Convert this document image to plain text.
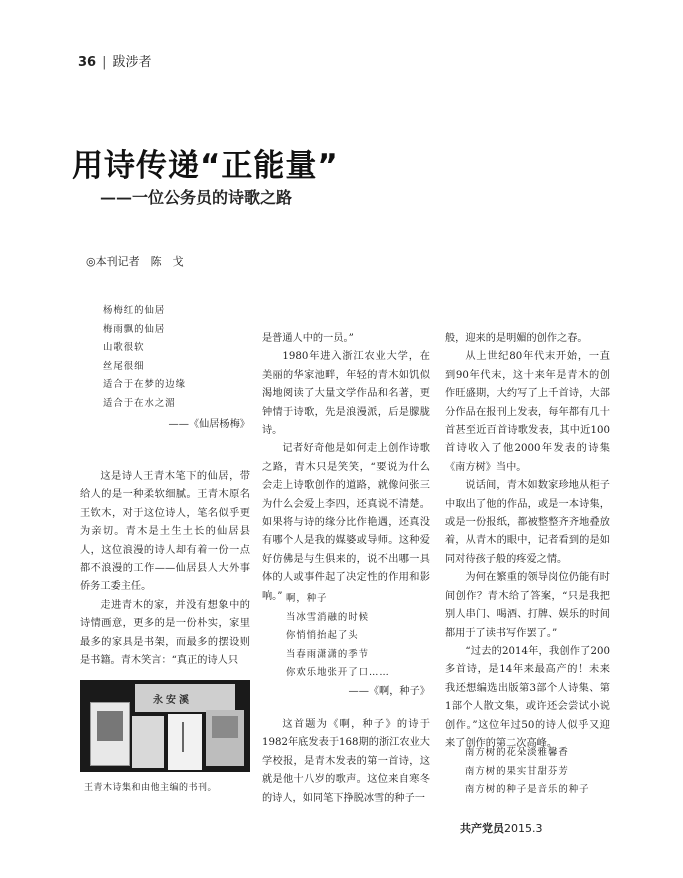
36 | 跋涉者
用诗传递“正能量”
——一位公务员的诗歌之路
◎本刊记者　陈　戈
杨梅红的仙居
梅雨飘的仙居
山歌很软
丝尾很细
适合于在梦的边缘
适合于在水之湄
——《仙居杨梅》

这是诗人王青木笔下的仙居，带给人的是一种柔软细腻。王青木原名王钦木，对于这位诗人，笔名似乎更为亲切。青木是土生土长的仙居县人，这位浪漫的诗人却有着一份一点都不浪漫的工作——仙居县人大外事侨务工委主任。

走进青木的家，并没有想象中的诗情画意，更多的是一份朴实，家里最多的家具是书架，而最多的摆设则是书籍。青木笑言：“真正的诗人只

永安溪
王青木诗集和由他主编的书刊。

是普通人中的一员。”

1980年进入浙江农业大学，在美丽的华家池畔，年轻的青木如饥似渴地阅读了大量文学作品和名著，更钟情于诗歌，先是浪漫派，后是朦胧诗。

记者好奇他是如何走上创作诗歌之路，青木只是笑笑，“要说为什么会走上诗歌创作的道路，就像问张三为什么会爱上李四，还真说不清楚。如果将与诗的缘分比作艳遇，还真没有哪个人是我的媒婆或导师。这种爱好仿佛是与生俱来的，说不出哪一具体的人或事件起了决定性的作用和影响。” 啊，种子
当冰雪消融的时候
你悄悄抬起了头
当春雨潇潇的季节
你欢乐地张开了口……
——《啊，种子》

这首题为《啊，种子》的诗于1982年底发表于168期的浙江农业大学校报，是青木发表的第一首诗，这就是他十八岁的歌声。这位来自寒冬的诗人，如同笔下挣脱冰雪的种子一

般，迎来的是明媚的创作之春。

从上世纪80年代末开始，一直到90年代末，这十来年是青木的创作旺盛期，大约写了上千首诗，大部分作品在报刊上发表，每年都有几十首甚至近百首诗歌发表，其中近100首诗收入了他2000年发表的诗集《南方树》当中。

说话间，青木如数家珍地从柜子中取出了他的作品，或是一本诗集，或是一份报纸，都被整整齐齐地叠放着，从青木的眼中，记者看到的是如同对待孩子般的疼爱之情。

为何在繁重的领导岗位仍能有时间创作？青木给了答案，“只是我把别人串门、喝酒、打牌、娱乐的时间都用于了读书写作罢了。”

“过去的2014年，我创作了200多首诗，是14年来最高产的！未来我还想编选出版第3部个人诗集、第1部个人散文集，或许还会尝试小说创作。”这位年过50的诗人似乎又迎来了创作的第二次高峰。

南方树的花朵淡雅馨香
南方树的果实甘甜芬芳
南方树的种子是音乐的种子
共产党员2015.3
